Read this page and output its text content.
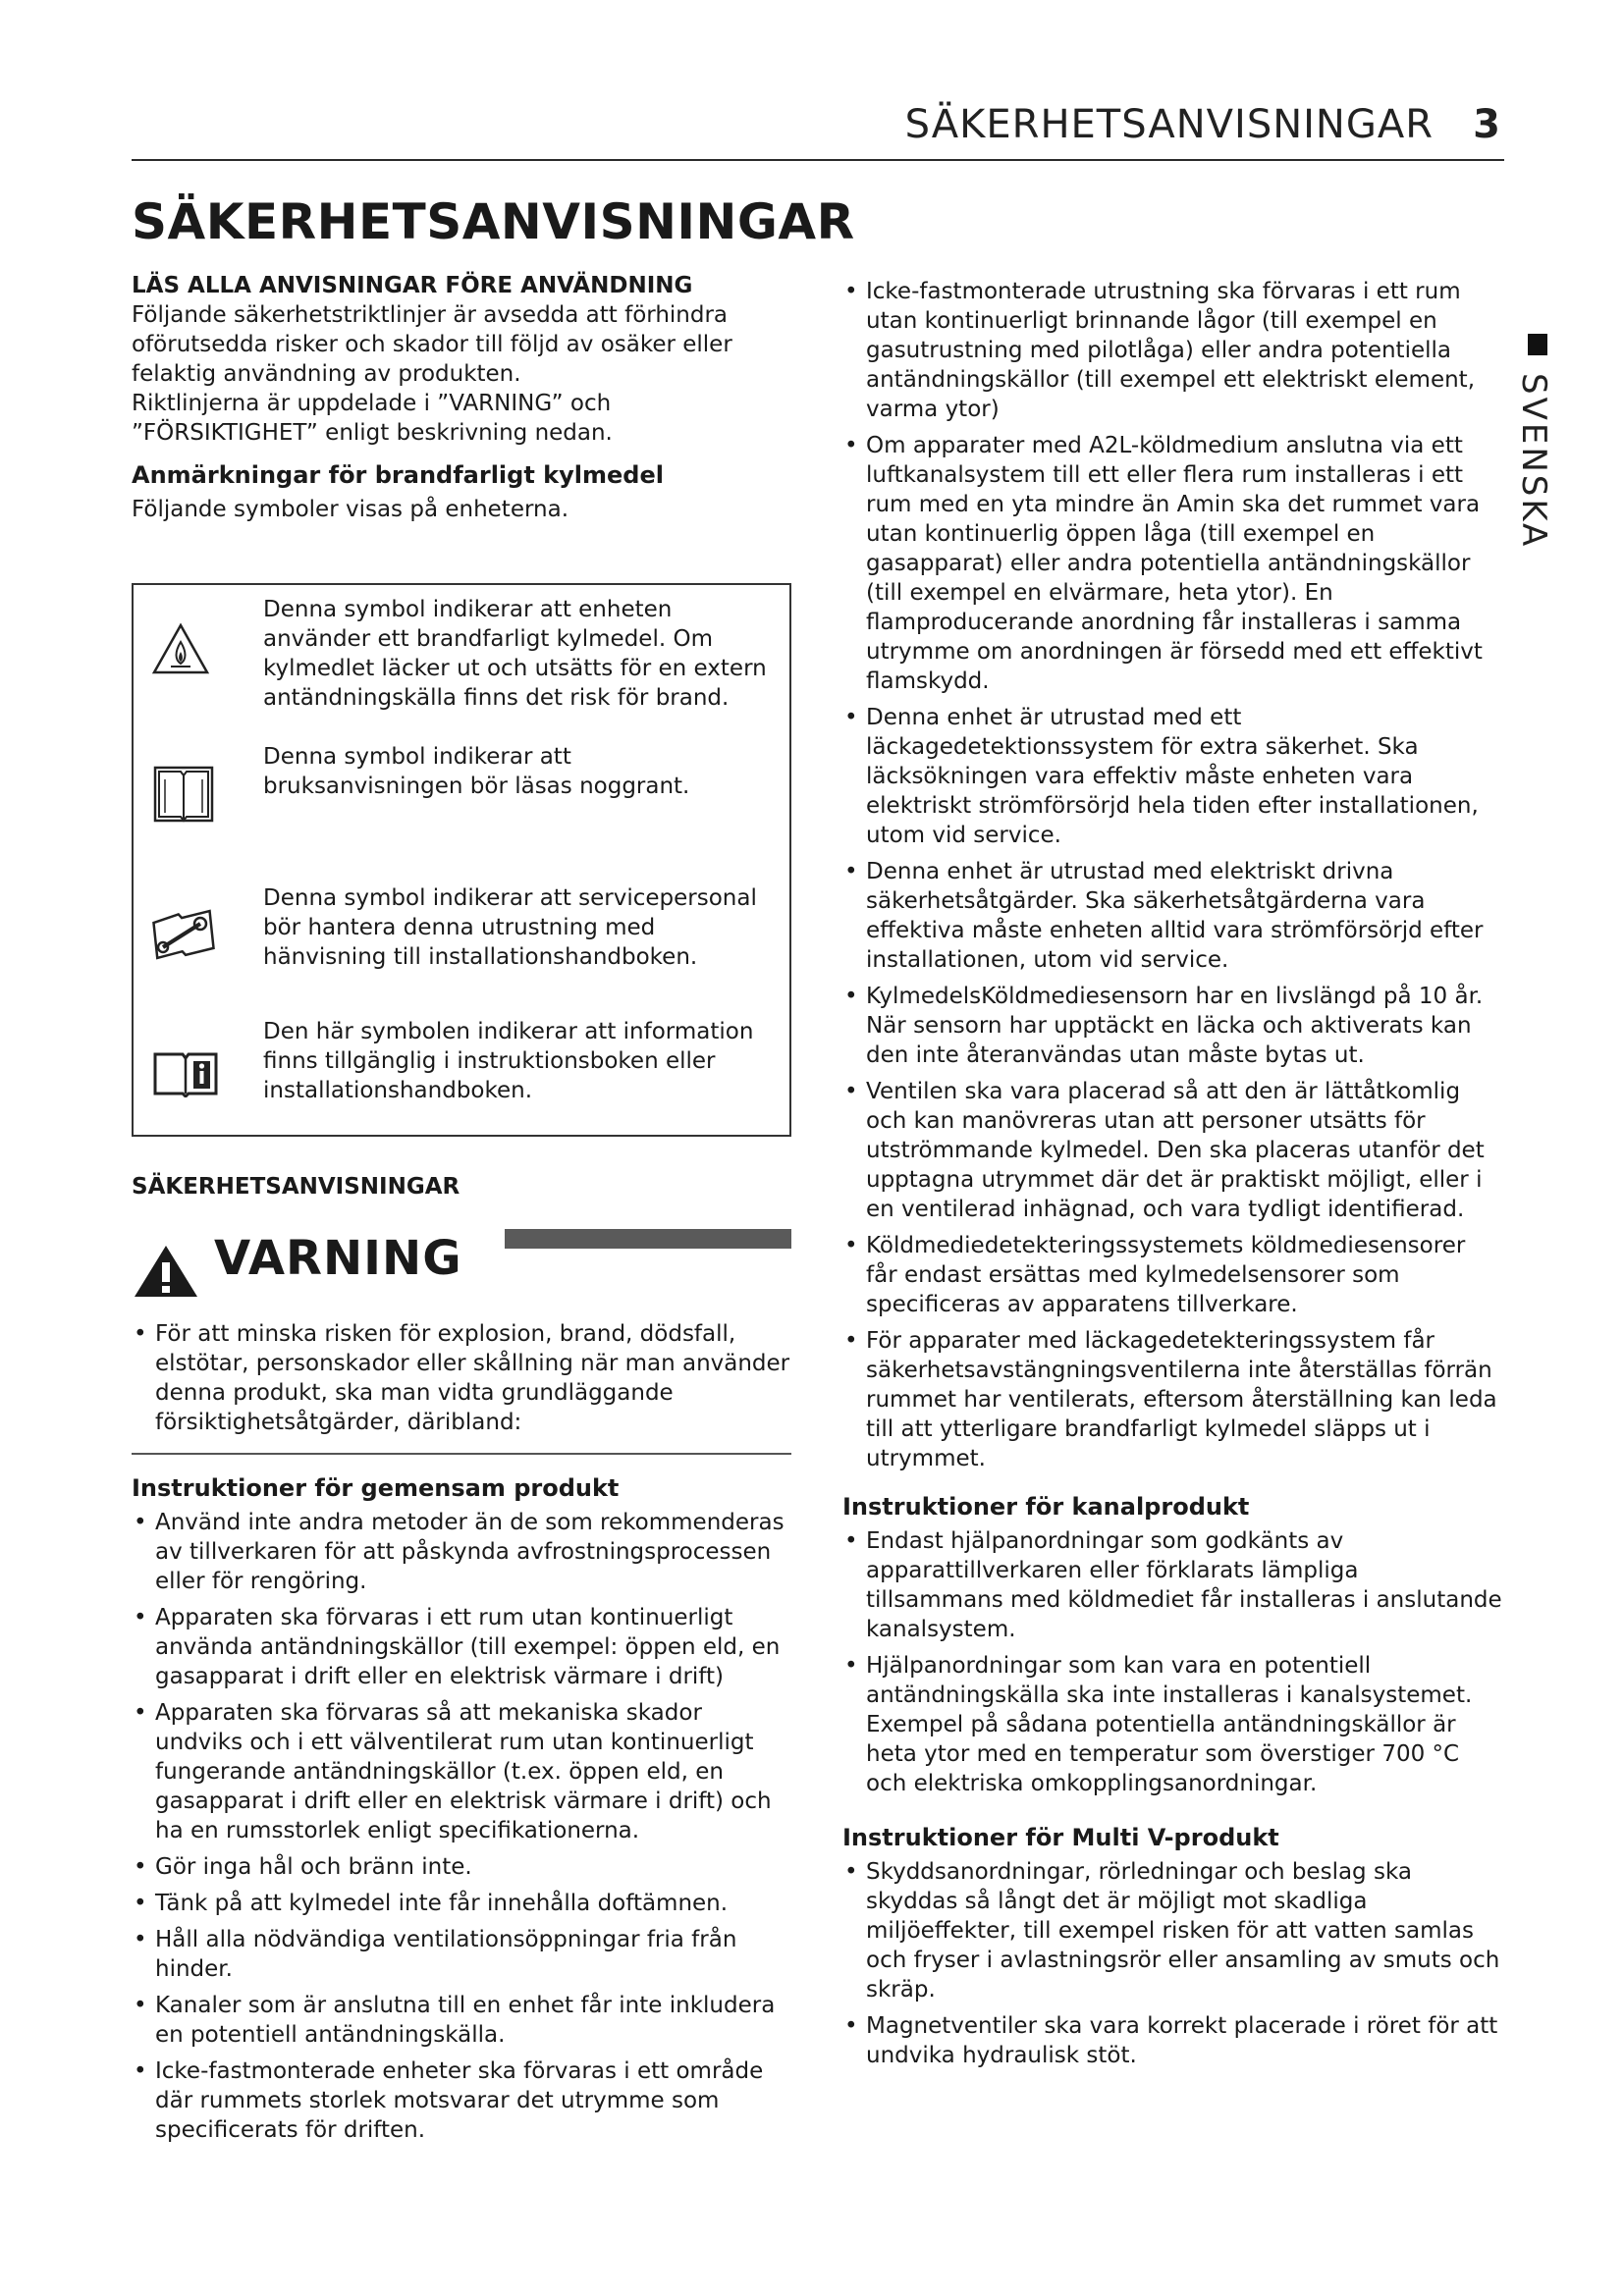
SÄKERHETSANVISNINGAR 3
SVENSKA
SÄKERHETSANVISNINGAR

LÄS ALLA ANVISNINGAR FÖRE ANVÄNDNING

Följande säkerhetstriktlinjer är avsedda att förhindra oförutsedda risker och skador till följd av osäker eller felaktig användning av produkten.

Riktlinjerna är uppdelade i ”VARNING” och ”FÖRSIKTIGHET” enligt beskrivning nedan.

Anmärkningar för brandfarligt kylmedel

Följande symboler visas på enheterna.

Denna symbol indikerar att enheten använder ett brandfarligt kylmedel. Om kylmedlet läcker ut och utsätts för en extern antändningskälla finns det risk för brand.
Denna symbol indikerar att bruksanvisningen bör läsas noggrant.
Denna symbol indikerar att servicepersonal bör hantera denna utrustning med hänvisning till installationshandboken.
Den här symbolen indikerar att information finns tillgänglig i instruktionsboken eller installationshandboken.

SÄKERHETSANVISNINGAR

VARNING
• För att minska risken för explosion, brand, dödsfall, elstötar, personskador eller skållning när man använder denna produkt, ska man vidta grundläggande försiktighetsåtgärder, däribland:

Instruktioner för gemensam produkt

• Använd inte andra metoder än de som rekommenderas av tillverkaren för att påskynda avfrostningsprocessen eller för rengöring.
• Apparaten ska förvaras i ett rum utan kontinuerligt använda antändningskällor (till exempel: öppen eld, en gasapparat i drift eller en elektrisk värmare i drift)
• Apparaten ska förvaras så att mekaniska skador undviks och i ett välventilerat rum utan kontinuerligt fungerande antändningskällor (t.ex. öppen eld, en gasapparat i drift eller en elektrisk värmare i drift) och ha en rumsstorlek enligt specifikationerna.
• Gör inga hål och bränn inte.
• Tänk på att kylmedel inte får innehålla doftämnen.
• Håll alla nödvändiga ventilationsöppningar fria från hinder.
• Kanaler som är anslutna till en enhet får inte inkludera en potentiell antändningskälla.
• Icke-fastmonterade enheter ska förvaras i ett område där rummets storlek motsvarar det utrymme som specificerats för driften.
• Icke-fastmonterade utrustning ska förvaras i ett rum utan kontinuerligt brinnande lågor (till exempel en gasutrustning med pilotlåga) eller andra potentiella antändningskällor (till exempel ett elektriskt element, varma ytor)
• Om apparater med A2L-köldmedium anslutna via ett luftkanalsystem till ett eller flera rum installeras i ett rum med en yta mindre än Amin ska det rummet vara utan kontinuerlig öppen låga (till exempel en gasapparat) eller andra potentiella antändningskällor (till exempel en elvärmare, heta ytor). En flamproducerande anordning får installeras i samma utrymme om anordningen är försedd med ett effektivt flamskydd.
• Denna enhet är utrustad med ett läckagedetektionssystem för extra säkerhet. Ska läcksökningen vara effektiv måste enheten vara elektriskt strömförsörjd hela tiden efter installationen, utom vid service.
• Denna enhet är utrustad med elektriskt drivna säkerhetsåtgärder. Ska säkerhetsåtgärderna vara effektiva måste enheten alltid vara strömförsörjd efter installationen, utom vid service.
• KylmedelsKöldmediesensorn har en livslängd på 10 år. När sensorn har upptäckt en läcka och aktiverats kan den inte återanvändas utan måste bytas ut.
• Ventilen ska vara placerad så att den är lättåtkomlig och kan manövreras utan att personer utsätts för utströmmande kylmedel. Den ska placeras utanför det upptagna utrymmet där det är praktiskt möjligt, eller i en ventilerad inhägnad, och vara tydligt identifierad.
• Köldmediedetekteringssystemets köldmediesensorer får endast ersättas med kylmedelsensorer som specificeras av apparatens tillverkare.
• För apparater med läckagedetekteringssystem får säkerhetsavstängningsventilerna inte återställas förrän rummet har ventilerats, eftersom återställning kan leda till att ytterligare brandfarligt kylmedel släpps ut i utrymmet.

Instruktioner för kanalprodukt

• Endast hjälpanordningar som godkänts av apparattillverkaren eller förklarats lämpliga tillsammans med köldmediet får installeras i anslutande kanalsystem.
• Hjälpanordningar som kan vara en potentiell antändningskälla ska inte installeras i kanalsystemet. Exempel på sådana potentiella antändningskällor är heta ytor med en temperatur som överstiger 700 °C och elektriska omkopplingsanordningar.

Instruktioner för Multi V-produkt

• Skyddsanordningar, rörledningar och beslag ska skyddas så långt det är möjligt mot skadliga miljöeffekter, till exempel risken för att vatten samlas och fryser i avlastningsrör eller ansamling av smuts och skräp.
• Magnetventiler ska vara korrekt placerade i röret för att undvika hydraulisk stöt.
